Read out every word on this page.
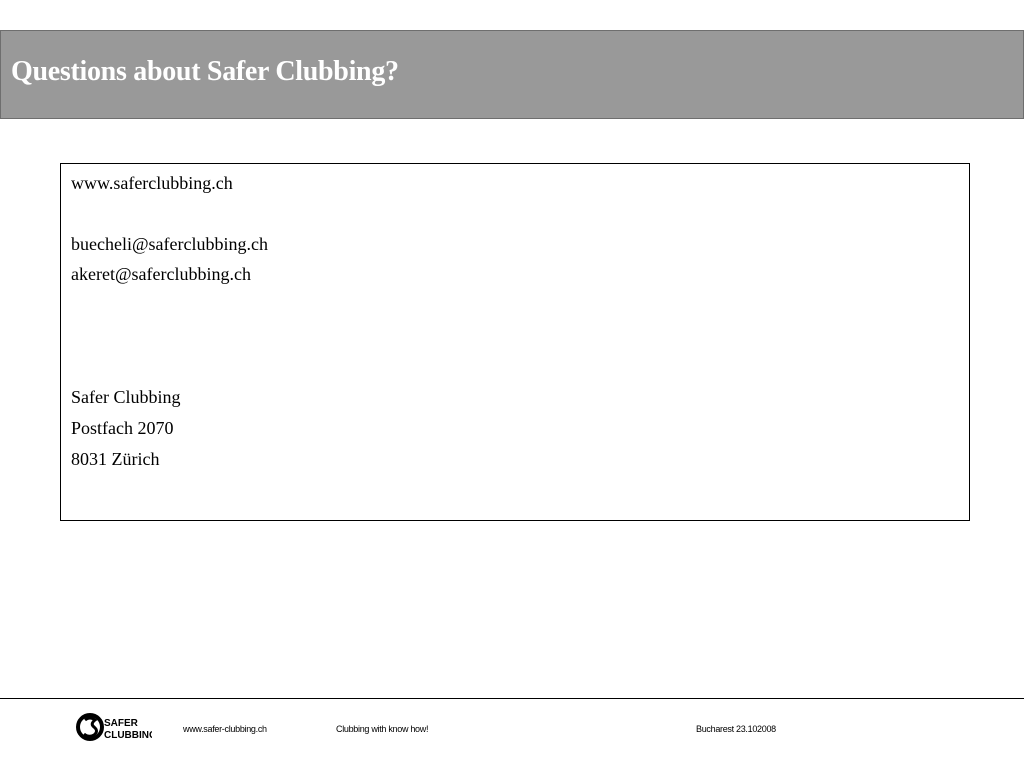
Questions about Safer Clubbing?
www.saferclubbing.ch
buecheli@saferclubbing.ch
akeret@saferclubbing.ch
Safer Clubbing
Postfach 2070
8031 Zürich
SAFER
CLUBBING
www.safer-clubbing.ch	Clubbing with know how!	Bucharest 23.102008
